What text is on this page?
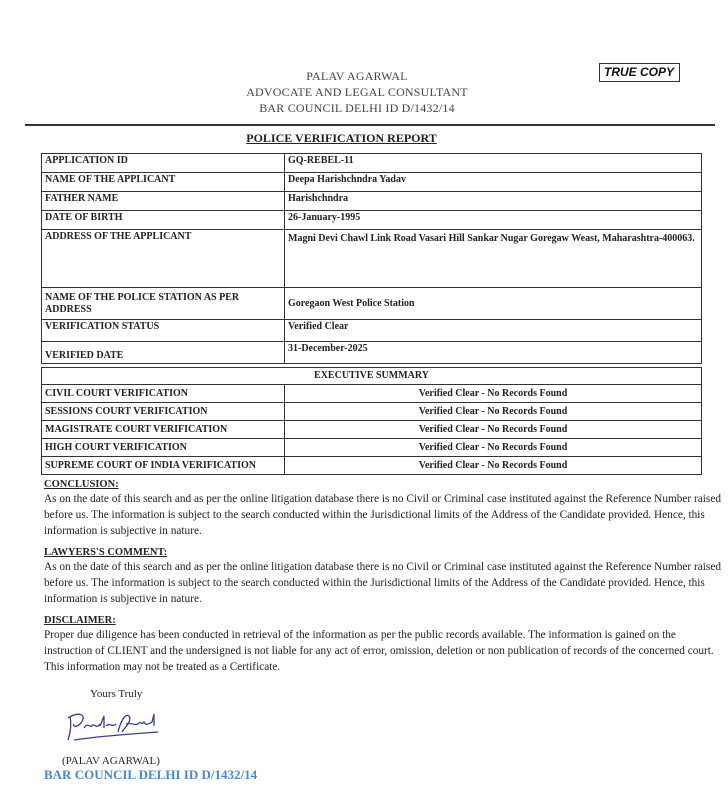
PALAV AGARWAL
ADVOCATE AND LEGAL CONSULTANT
BAR COUNCIL DELHI ID D/1432/14
TRUE COPY
POLICE VERIFICATION REPORT
APPLICATION ID	GQ-REBEL-11
NAME OF THE APPLICANT	Deepa Harishchndra Yadav
FATHER NAME	Harishchndra
DATE OF BIRTH	26-January-1995
ADDRESS OF THE APPLICANT	Magni Devi Chawl Link Road Vasari Hill Sankar Nugar Goregaw Weast, Maharashtra-400063.
NAME OF THE POLICE STATION AS PER ADDRESS	Goregaon West Police Station
VERIFICATION STATUS	Verified Clear
VERIFIED DATE	31-December-2025
EXECUTIVE SUMMARY	
CIVIL COURT VERIFICATION	Verified Clear - No Records Found
SESSIONS COURT VERIFICATION	Verified Clear - No Records Found
MAGISTRATE COURT VERIFICATION	Verified Clear - No Records Found
HIGH COURT VERIFICATION	Verified Clear - No Records Found
SUPREME COURT OF INDIA VERIFICATION	Verified Clear - No Records Found
CONCLUSION:

As on the date of this search and as per the online litigation database there is no Civil or Criminal case instituted against the Reference Number raised before us. The information is subject to the search conducted within the Jurisdictional limits of the Address of the Candidate provided. Hence, this information is subjective in nature.

LAWYERS'S COMMENT:

As on the date of this search and as per the online litigation database there is no Civil or Criminal case instituted against the Reference Number raised before us. The information is subject to the search conducted within the Jurisdictional limits of the Address of the Candidate provided. Hence, this information is subjective in nature.

DISCLAIMER:

Proper due diligence has been conducted in retrieval of the information as per the public records available. The information is gained on the instruction of CLIENT and the undersigned is not liable for any act of error, omission, deletion or non publication of records of the concerned court. This information may not be treated as a Certificate.

Yours Truly
(PALAV AGARWAL)
BAR COUNCIL DELHI ID D/1432/14
